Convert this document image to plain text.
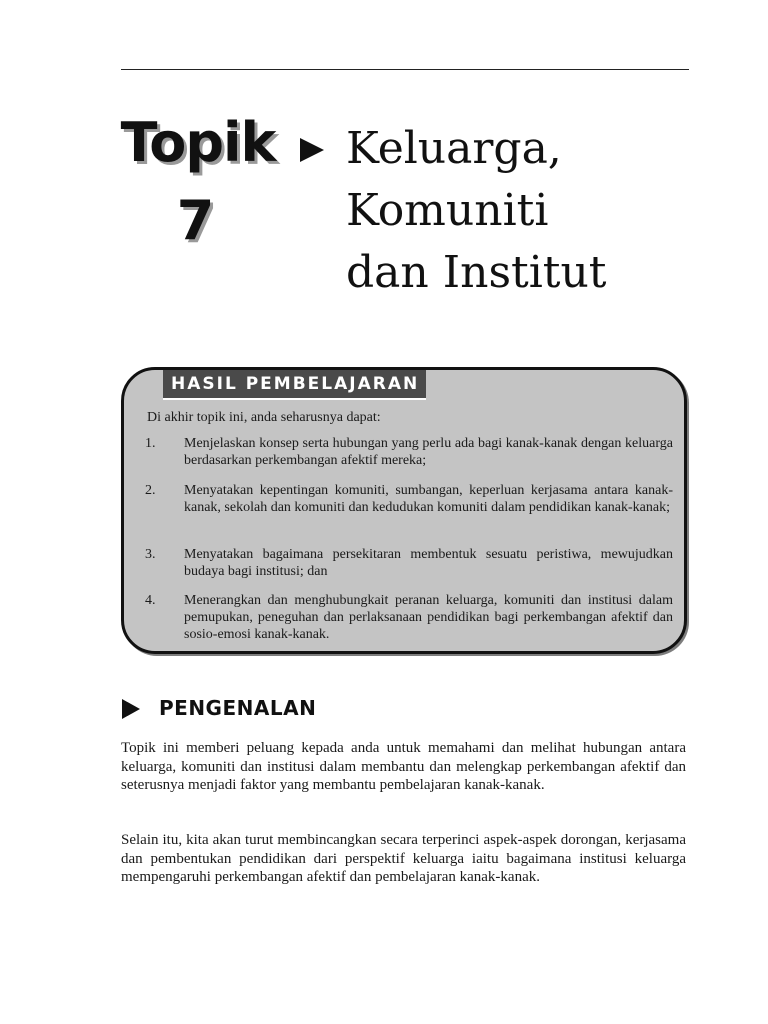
Topik
7
Keluarga,
Komuniti
dan Institut
HASIL PEMBELAJARAN
Di akhir topik ini, anda seharusnya dapat:
1. Menjelaskan konsep serta hubungan yang perlu ada bagi kanak-kanak dengan keluarga berdasarkan perkembangan afektif mereka;
2. Menyatakan kepentingan komuniti, sumbangan, keperluan kerjasama antara kanak-kanak, sekolah dan komuniti dan kedudukan komuniti dalam pendidikan kanak-kanak;
3. Menyatakan bagaimana persekitaran membentuk sesuatu peristiwa, mewujudkan budaya bagi institusi; dan
4. Menerangkan dan menghubungkait peranan keluarga, komuniti dan institusi dalam pemupukan, peneguhan dan perlaksanaan pendidikan bagi perkembangan afektif dan sosio-emosi kanak-kanak.
PENGENALAN
Topik ini memberi peluang kepada anda untuk memahami dan melihat hubungan antara keluarga, komuniti dan institusi dalam membantu dan melengkap perkembangan afektif dan seterusnya menjadi faktor yang membantu pembelajaran kanak-kanak.
Selain itu, kita akan turut membincangkan secara terperinci aspek-aspek dorongan, kerjasama dan pembentukan pendidikan dari perspektif keluarga iaitu bagaimana institusi keluarga mempengaruhi perkembangan afektif dan pembelajaran kanak-kanak.
